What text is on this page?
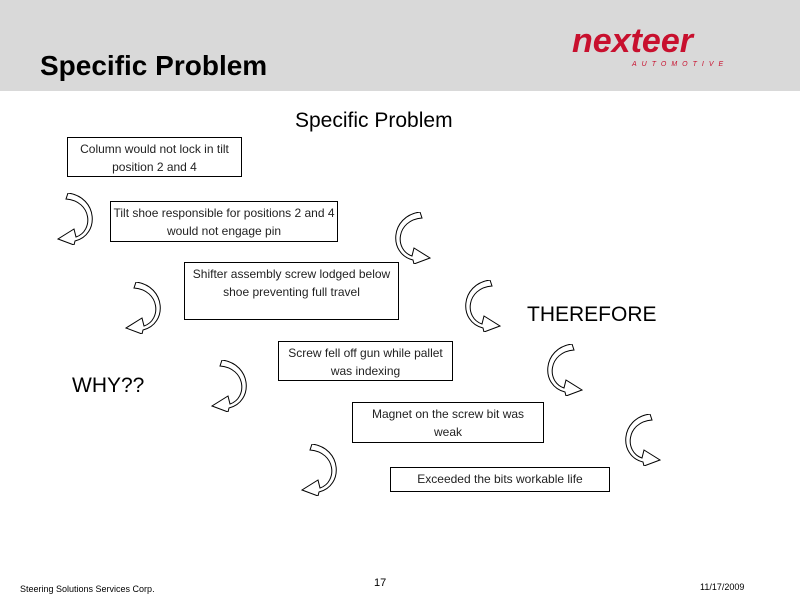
Specific Problem
nexteer
AUTOMOTIVE
Specific Problem
Column would not lock in tilt position 2 and 4
Tilt shoe responsible for positions 2 and 4 would not engage pin
Shifter assembly screw lodged below shoe preventing full travel
Screw fell off gun while pallet was indexing
Magnet on the screw bit was weak
Exceeded the bits workable life
WHY??
THEREFORE
Steering Solutions Services Corp.	17	11/17/2009
